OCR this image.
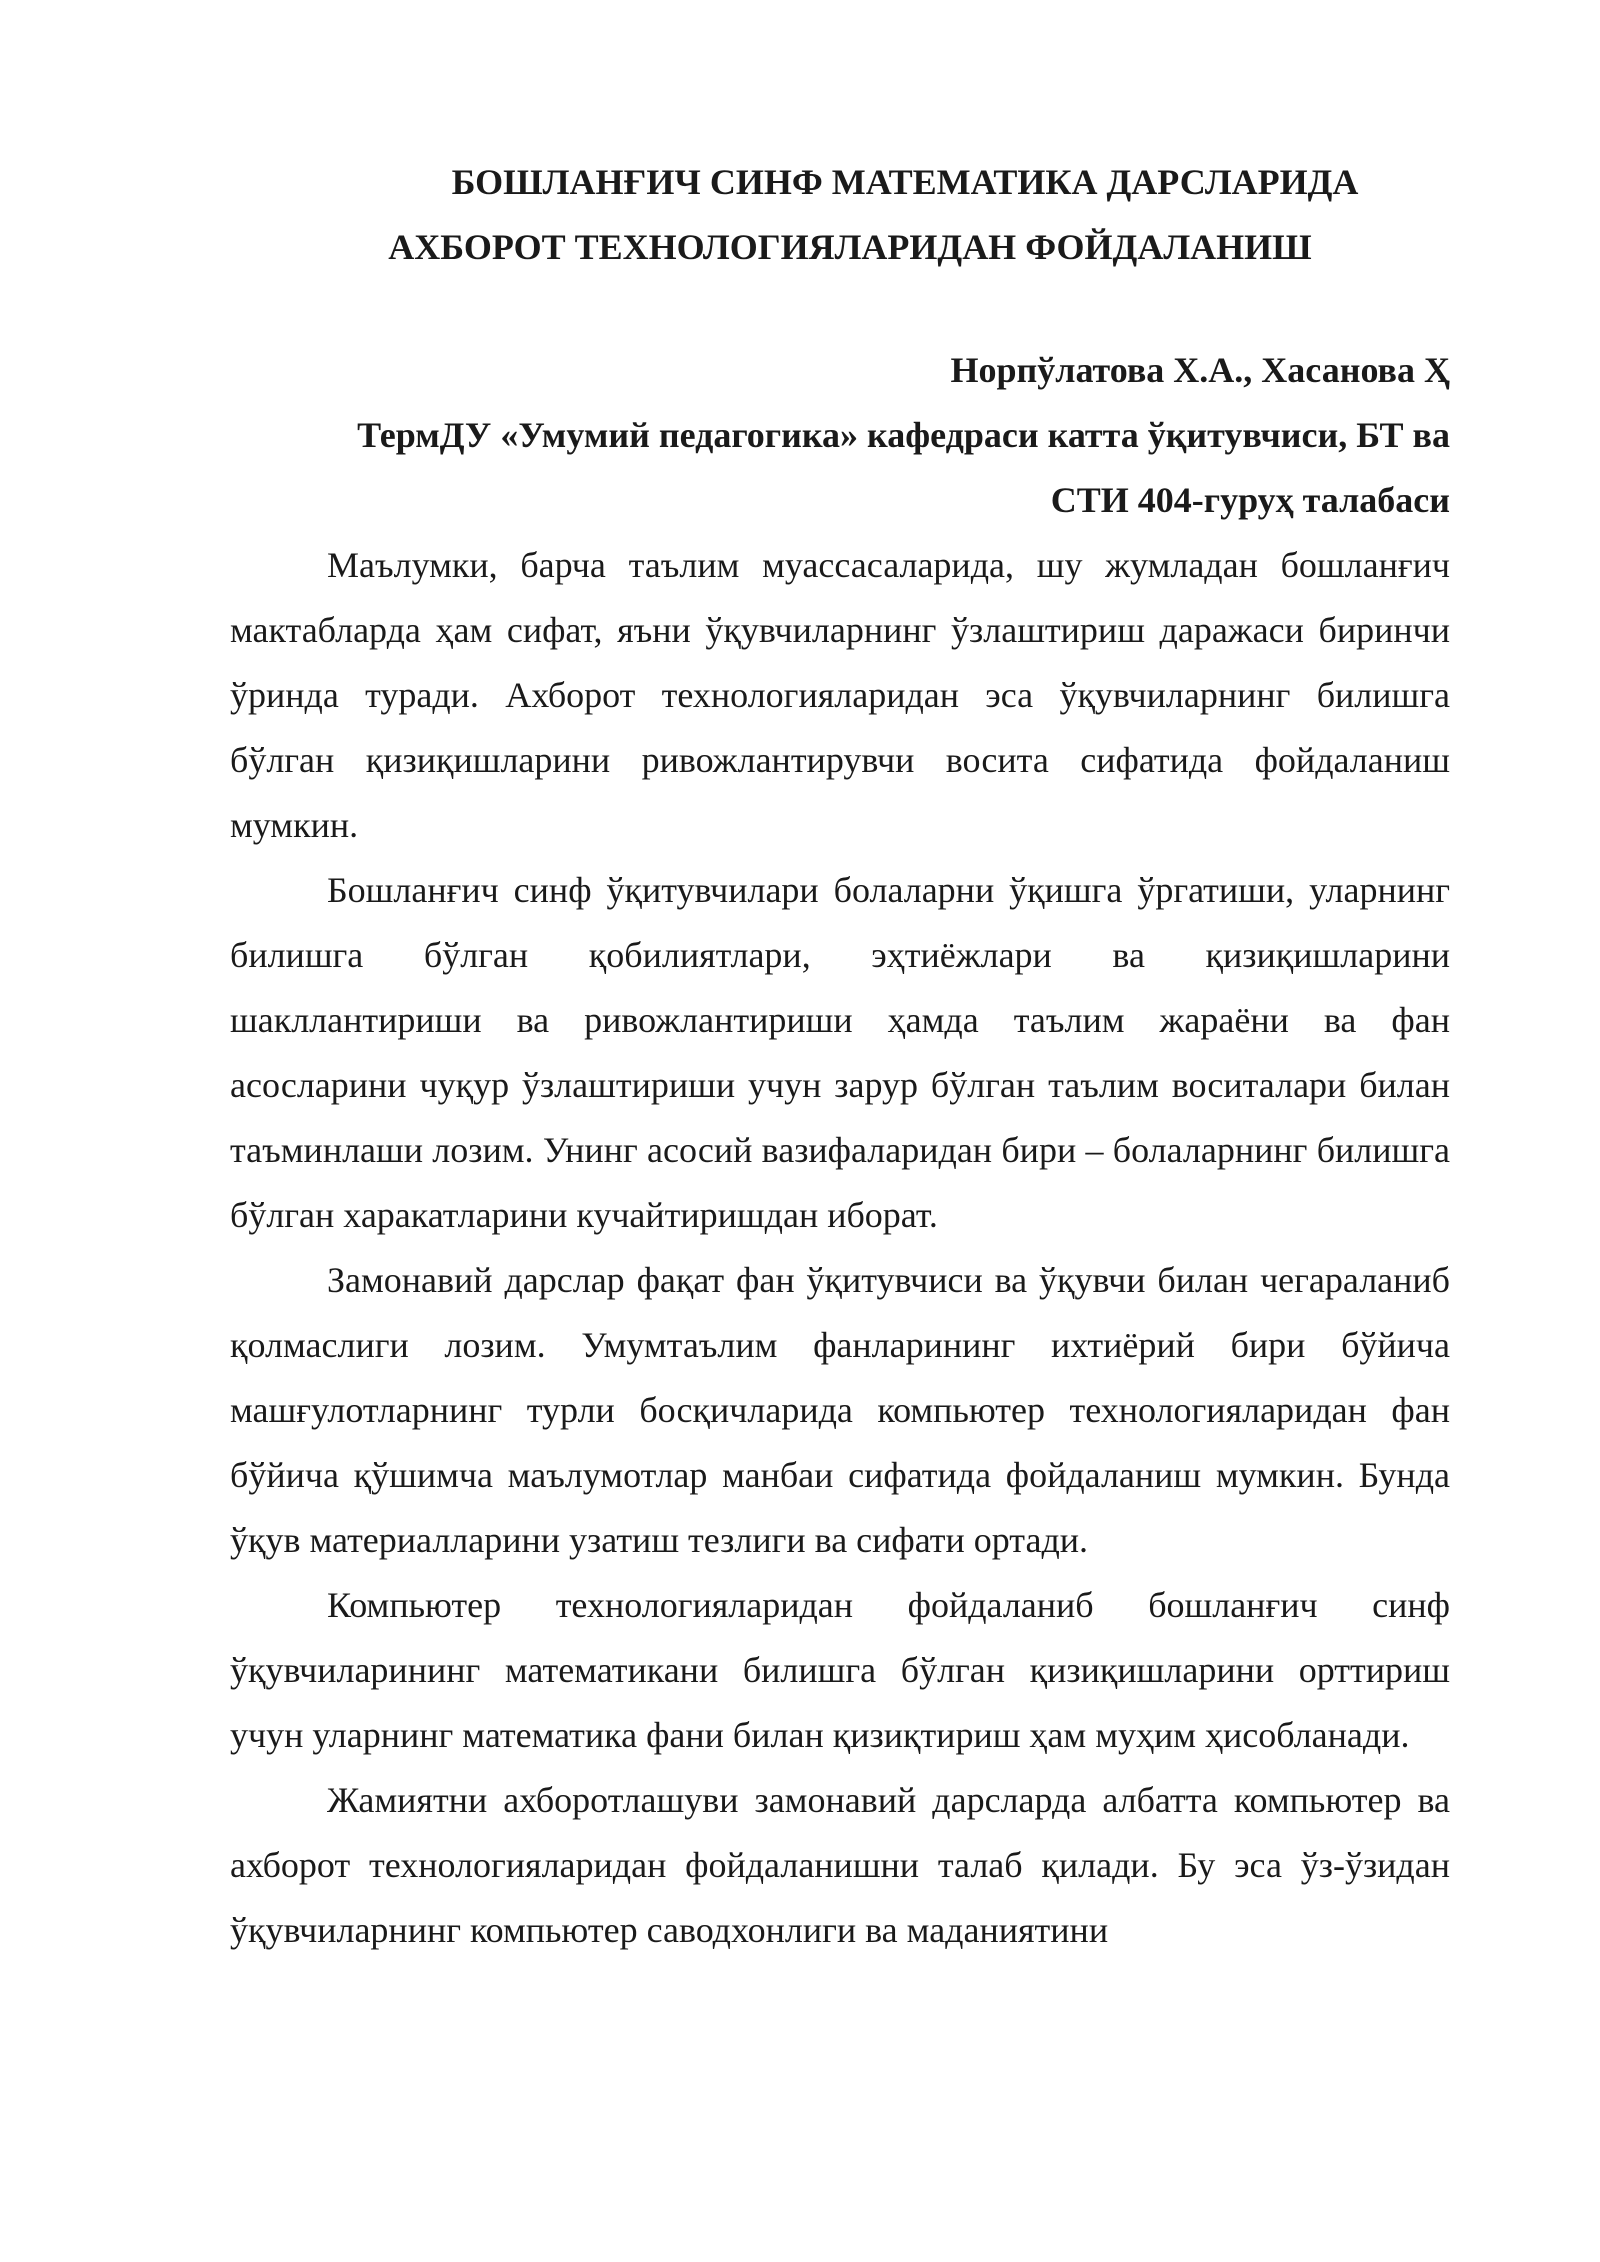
БОШЛАНҒИЧ СИНФ МАТЕМАТИКА ДАРСЛАРИДА
АХБОРОТ ТЕХНОЛОГИЯЛАРИДАН ФОЙДАЛАНИШ
Норпўлатова Х.А., Хасанова Ҳ
ТермДУ «Умумий педагогика» кафедраси катта ўқитувчиси, БТ ва
СТИ 404-гуруҳ талабаси

Маълумки, барча таълим муассасаларида, шу жумладан бошланғич мактабларда ҳам сифат, яъни ўқувчиларнинг ўзлаштириш даражаси биринчи ўринда туради. Ахборот технологияларидан эса ўқувчиларнинг билишга бўлган қизиқишларини ривожлантирувчи восита сифатида фойдаланиш мумкин.

Бошланғич синф ўқитувчилари болаларни ўқишга ўргатиши, уларнинг билишга бўлган қобилиятлари, эҳтиёжлари ва қизиқишларини шакллантириши ва ривожлантириши ҳамда таълим жараёни ва фан асосларини чуқур ўзлаштириши учун зарур бўлган таълим воситалари билан таъминлаши лозим. Унинг асосий вазифаларидан бири – болаларнинг билишга бўлган харакатларини кучайтиришдан иборат.

Замонавий дарслар фақат фан ўқитувчиси ва ўқувчи билан чегараланиб қолмаслиги лозим. Умумтаълим фанларининг ихтиёрий бири бўйича машғулотларнинг турли босқичларида компьютер технологияларидан фан бўйича қўшимча маълумотлар манбаи сифатида фойдаланиш мумкин. Бунда ўқув материалларини узатиш тезлиги ва сифати ортади.

Компьютер технологияларидан фойдаланиб бошланғич синф ўқувчиларининг математикани билишга бўлган қизиқишларини орттириш учун уларнинг математика фани билан қизиқтириш ҳам муҳим ҳисобланади.

Жамиятни ахборотлашуви замонавий дарсларда албатта компьютер ва ахборот технологияларидан фойдаланишни талаб қилади. Бу эса ўз-ўзидан ўқувчиларнинг компьютер саводхонлиги ва маданиятини
